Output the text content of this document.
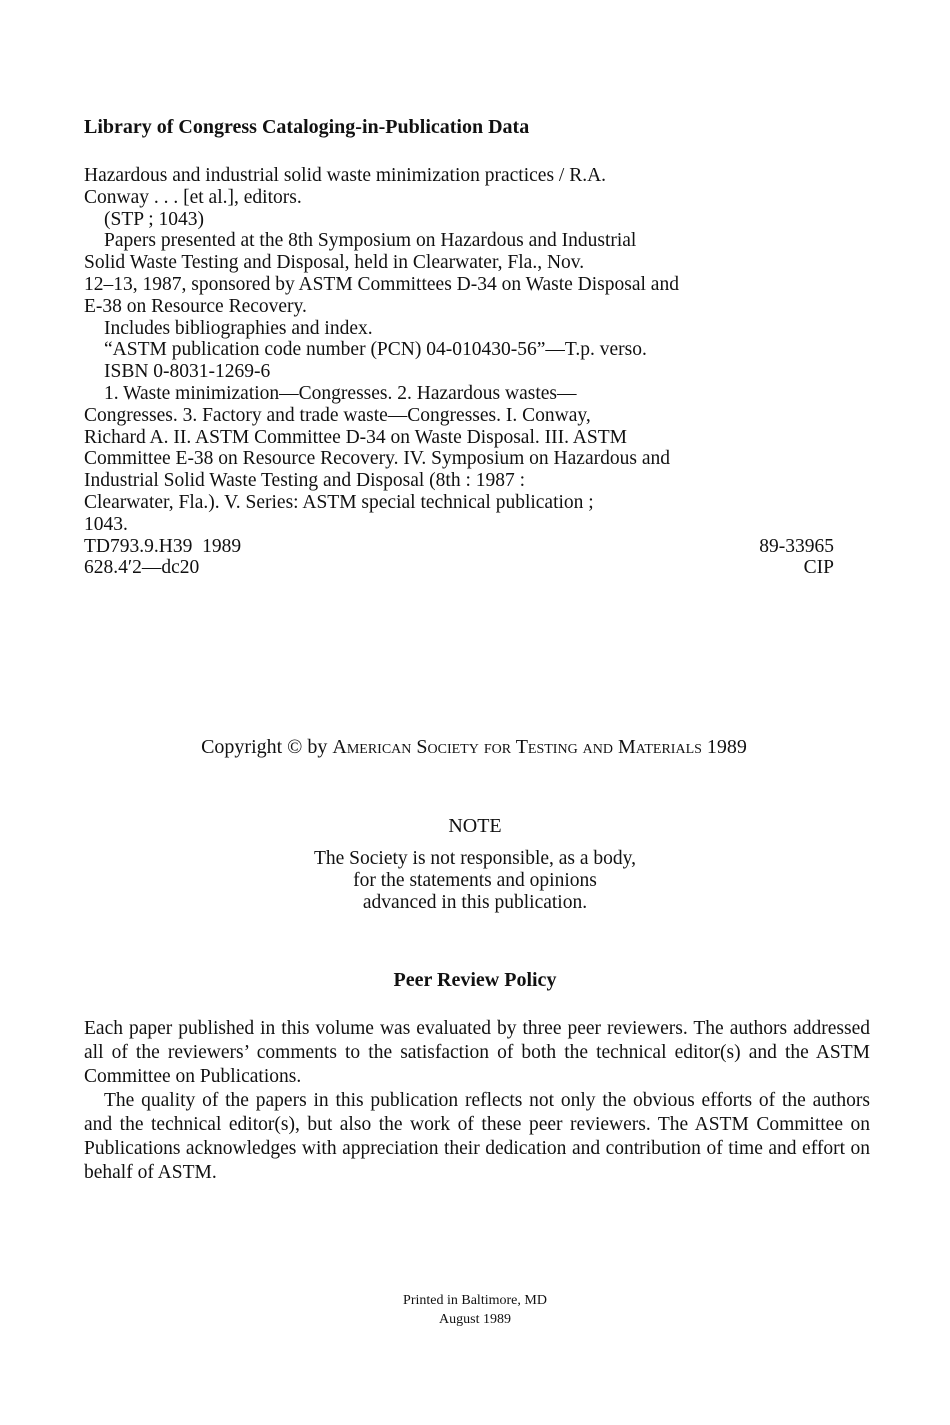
Library of Congress Cataloging-in-Publication Data
Hazardous and industrial solid waste minimization practices / R.A.
Conway . . . [et al.], editors.
(STP ; 1043)
Papers presented at the 8th Symposium on Hazardous and Industrial
Solid Waste Testing and Disposal, held in Clearwater, Fla., Nov.
12–13, 1987, sponsored by ASTM Committees D-34 on Waste Disposal and
E-38 on Resource Recovery.
Includes bibliographies and index.
“ASTM publication code number (PCN) 04-010430-56”—T.p. verso.
ISBN 0-8031-1269-6
1. Waste minimization—Congresses. 2. Hazardous wastes—
Congresses. 3. Factory and trade waste—Congresses. I. Conway,
Richard A. II. ASTM Committee D-34 on Waste Disposal. III. ASTM
Committee E-38 on Resource Recovery. IV. Symposium on Hazardous and
Industrial Solid Waste Testing and Disposal (8th : 1987 :
Clearwater, Fla.). V. Series: ASTM special technical publication ;
1043.
TD793.9.H39  1989	89-33965
628.4′2—dc20	CIP
Copyright © by American Society for Testing and Materials 1989
NOTE
The Society is not responsible, as a body,
for the statements and opinions
advanced in this publication.
Peer Review Policy

Each paper published in this volume was evaluated by three peer reviewers. The authors addressed all of the reviewers’ comments to the satisfaction of both the technical editor(s) and the ASTM Committee on Publications.

The quality of the papers in this publication reflects not only the obvious efforts of the authors and the technical editor(s), but also the work of these peer reviewers. The ASTM Committee on Publications acknowledges with appreciation their dedication and contribution of time and effort on behalf of ASTM.

Printed in Baltimore, MD
August 1989
